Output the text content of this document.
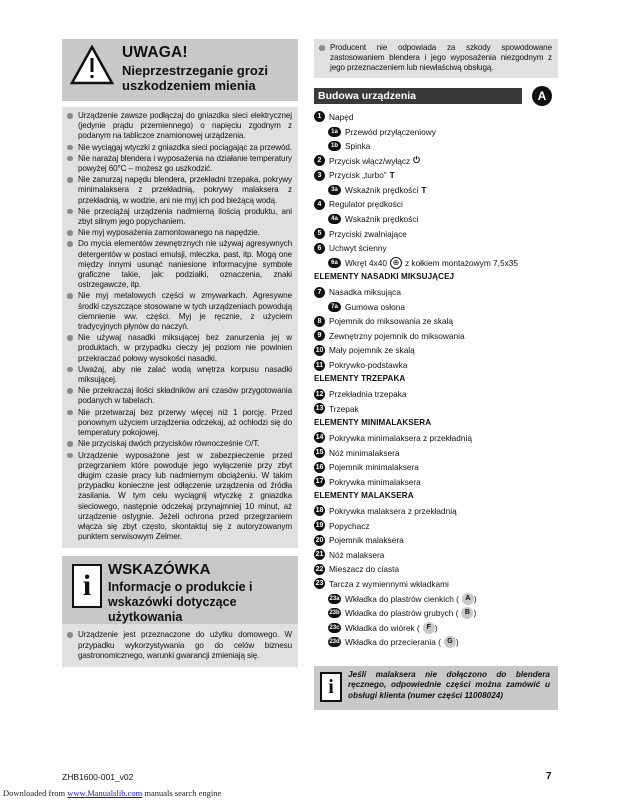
UWAGA!
Nieprzestrzeganie grozi uszkodzeniem mienia
Urządzenie zawsze podłączaj do gniazdka sieci elektrycznej (jedynie prądu przemiennego) o napięciu zgodnym z podanym na tabliczce znamionowej urządzenia.
Nie wyciągaj wtyczki z gniazdka sieci pociągając za przewód.
Nie narażaj blendera i wyposażenia na działanie temperatury powyżej 60°C – możesz go uszkodzić.
Nie zanurzaj napędu blendera, przekładni trzepaka, pokrywy minimalaksera z przekładnią, pokrywy malaksera z przekładnią, w wodzie, ani nie myj ich pod bieżącą wodą.
Nie przeciążaj urządzenia nadmierną ilością produktu, ani zbyt silnym jego popychaniem.
Nie myj wyposażenia zamontowanego na napędzie.
Do mycia elementów zewnętrznych nie używaj agresywnych detergentów w postaci emulsji, mleczka, past, itp. Mogą one między innymi usunąć naniesione informacyjne symbole graficzne takie, jak: podziałki, oznaczenia, znaki ostrzegawcze, itp.
Nie myj metalowych części w zmywarkach. Agresywne środki czyszczące stosowane w tych urządzeniach powodują ciemnienie ww. części. Myj je ręcznie, z użyciem tradycyjnych płynów do naczyń.
Nie używaj nasadki miksującej bez zanurzenia jej w produktach, w przypadku cieczy jej poziom nie powinien przekraczać połowy wysokości nasadki.
Uważaj, aby nie zalać wodą wnętrza korpusu nasadki miksującej.
Nie przekraczaj ilości składników ani czasów przygotowania podanych w tabelach.
Nie przetwarzaj bez przerwy więcej niż 1 porcję. Przed ponownym użyciem urządzenia odczekaj, aż ochłodzi się do temperatury pokojowej.
Nie przyciskaj dwóch przycisków równocześnie ⏻/T.
Urządzenie wyposażone jest w zabezpieczenie przed przegrzaniem które powoduje jego wyłączenie przy zbyt długim czasie pracy lub nadmiernym obciążeniu. W takim przypadku konieczne jest odłączenie urządzenia od źródła zasilania. W tym celu wyciągnij wtyczkę z gniazdka sieciowego, następnie odczekaj przynajmniej 10 minut, aż urządzenie ostygnie. Jeżeli ochrona przed przegrzaniem włącza się zbyt często, skontaktuj się z autoryzowanym punktem serwisowym Zelmer.
i	WSKAZÓWKA
Informacje o produkcie i wskazówki dotyczące użytkowania
Urządzenie jest przeznaczone do użytku domowego. W przypadku wykorzystywania go do celów biznesu gastronomicznego, warunki gwarancji zmieniają się.
Producent nie odpowiada za szkody spowodowane zastosowaniem blendera i jego wyposażenia niezgodnym z jego przeznaczeniem lub niewłaściwą obsługą.
Budowa urządzenia	A
1 Napęd
1a Przewód przyłączeniowy
1b Spinka
2 Przycisk włącz/wyłącz ⏻
3 Przycisk „turbo” T
3a Wskaźnik prędkości T
4 Regulator prędkości
4a Wskaźnik prędkości
5 Przyciski zwalniające
6 Uchwyt ścienny
6a Wkręt 4x40 ⊕ z kołkiem montażowym 7,5x35
ELEMENTY NASADKI MIKSUJĄCEJ
7 Nasadka miksująca
7a Gumowa osłona
8 Pojemnik do miksowania ze skalą
9 Zewnętrzny pojemnik do miksowania
10 Mały pojemnik ze skalą
11 Pokrywko-podstawka
ELEMENTY TRZEPAKA
12 Przekładnia trzepaka
13 Trzepak
ELEMENTY MINIMALAKSERA
14 Pokrywka minimalaksera z przekładnią
15 Nóż minimalaksera
16 Pojemnik minimalaksera
17 Pokrywka minimalaksera
ELEMENTY MALAKSERA
18 Pokrywka malaksera z przekładnią
19 Popychacz
20 Pojemnik malaksera
21 Nóż malaksera
22 Mieszacz do ciasta
23 Tarcza z wymiennymi wkładkami
23a Wkładka do plastrów cienkich ( A )
23b Wkładka do plastrów grubych ( B )
23c Wkładka do wiórek ( F )
23d Wkładka do przecierania ( G )
i
Jeśli malaksera nie dołączono do blendera ręcznego, odpowiednie części można zamówić u obsługi klienta (numer części 11008024)
ZHB1600-001_v02	7
Downloaded from www.Manualslib.com manuals search engine
